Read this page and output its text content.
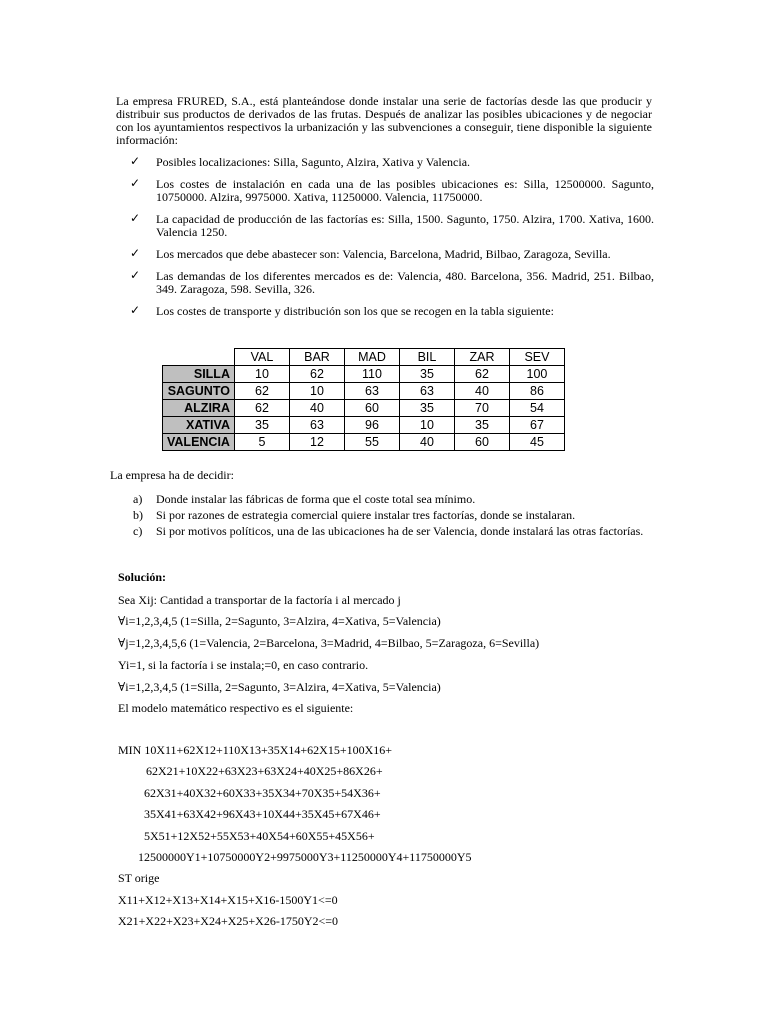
La empresa FRURED, S.A., está planteándose donde instalar una serie de factorías desde las que producir y distribuir sus productos de derivados de las frutas. Después de analizar las posibles ubicaciones y de negociar con los ayuntamientos respectivos la urbanización y las subvenciones a conseguir, tiene disponible la siguiente información:
✓ Posibles localizaciones: Silla, Sagunto, Alzira, Xativa y Valencia.
✓ Los costes de instalación en cada una de las posibles ubicaciones es: Silla, 12500000. Sagunto, 10750000. Alzira, 9975000. Xativa, 11250000. Valencia, 11750000.
✓ La capacidad de producción de las factorías es: Silla, 1500. Sagunto, 1750. Alzira, 1700. Xativa, 1600. Valencia 1250.
✓ Los mercados que debe abastecer son: Valencia, Barcelona, Madrid, Bilbao, Zaragoza, Sevilla.
✓ Las demandas de los diferentes mercados es de: Valencia, 480. Barcelona, 356. Madrid, 251. Bilbao, 349. Zaragoza, 598. Sevilla, 326.
✓ Los costes de transporte y distribución son los que se recogen en la tabla siguiente:
	VAL	BAR	MAD	BIL	ZAR	SEV
SILLA	10	62	110	35	62	100
SAGUNTO	62	10	63	63	40	86
ALZIRA	62	40	60	35	70	54
XATIVA	35	63	96	10	35	67
VALENCIA	5	12	55	40	60	45
La empresa ha de decidir:
a) Donde instalar las fábricas de forma que el coste total sea mínimo.
b) Si por razones de estrategia comercial quiere instalar tres factorías, donde se instalaran.
c) Si por motivos políticos, una de las ubicaciones ha de ser Valencia, donde instalará las otras factorías.
Solución:
Sea Xij: Cantidad a transportar de la factoría i al mercado j
∀i=1,2,3,4,5 (1=Silla, 2=Sagunto, 3=Alzira, 4=Xativa, 5=Valencia)
∀j=1,2,3,4,5,6 (1=Valencia, 2=Barcelona, 3=Madrid, 4=Bilbao, 5=Zaragoza, 6=Sevilla)
Yi=1, si la factoría i se instala;=0, en caso contrario.
∀i=1,2,3,4,5 (1=Silla, 2=Sagunto, 3=Alzira, 4=Xativa, 5=Valencia)
El modelo matemático respectivo es el siguiente:
MIN 10X11+62X12+110X13+35X14+62X15+100X16+
62X21+10X22+63X23+63X24+40X25+86X26+
62X31+40X32+60X33+35X34+70X35+54X36+
35X41+63X42+96X43+10X44+35X45+67X46+
5X51+12X52+55X53+40X54+60X55+45X56+
12500000Y1+10750000Y2+9975000Y3+11250000Y4+11750000Y5
ST orige
X11+X12+X13+X14+X15+X16-1500Y1<=0
X21+X22+X23+X24+X25+X26-1750Y2<=0
